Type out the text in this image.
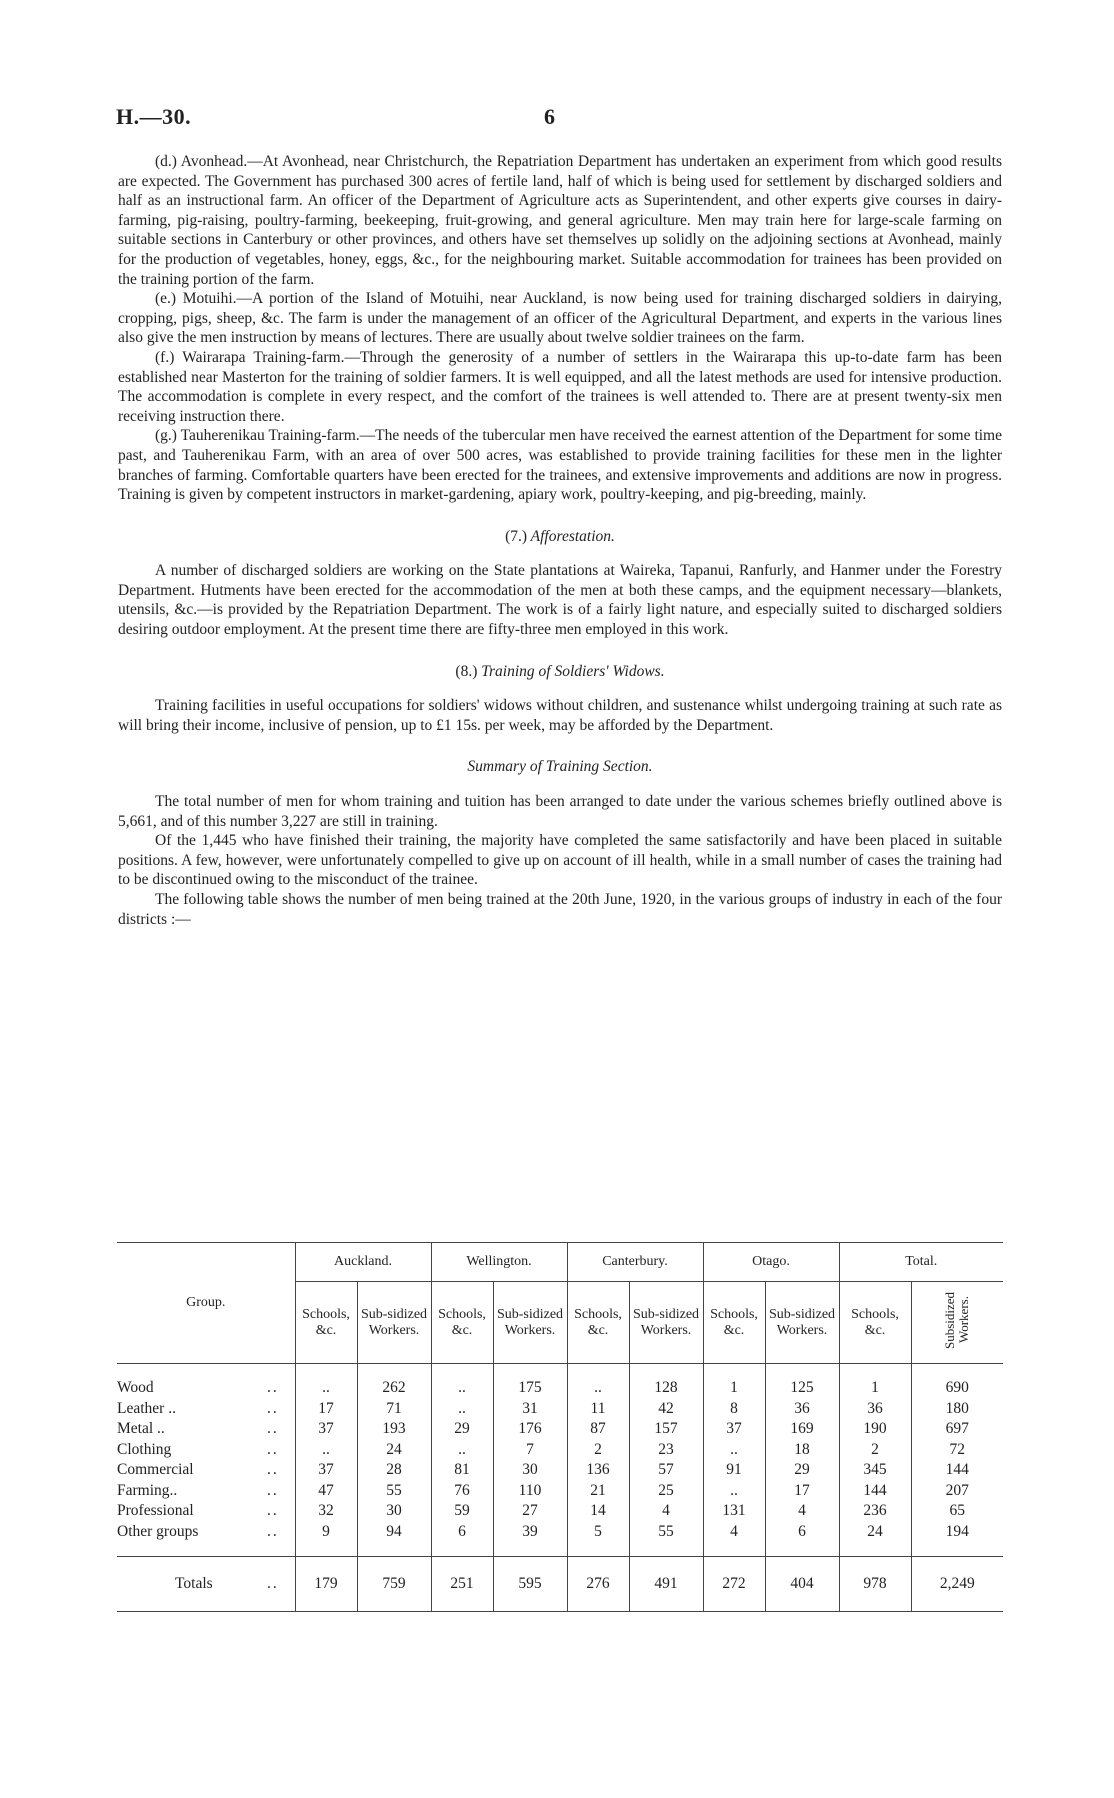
H.—30.	6

(d.) Avonhead.—At Avonhead, near Christchurch, the Repatriation Department has undertaken an experiment from which good results are expected. The Government has purchased 300 acres of fertile land, half of which is being used for settlement by discharged soldiers and half as an instructional farm. An officer of the Department of Agriculture acts as Superintendent, and other experts give courses in dairy-farming, pig-raising, poultry-farming, beekeeping, fruit-growing, and general agriculture. Men may train here for large-scale farming on suitable sections in Canterbury or other provinces, and others have set themselves up solidly on the adjoining sections at Avonhead, mainly for the production of vegetables, honey, eggs, &c., for the neighbouring market. Suitable accommodation for trainees has been provided on the training portion of the farm.

(e.) Motuihi.—A portion of the Island of Motuihi, near Auckland, is now being used for training discharged soldiers in dairying, cropping, pigs, sheep, &c. The farm is under the management of an officer of the Agricultural Department, and experts in the various lines also give the men instruction by means of lectures. There are usually about twelve soldier trainees on the farm.

(f.) Wairarapa Training-farm.—Through the generosity of a number of settlers in the Wairarapa this up-to-date farm has been established near Masterton for the training of soldier farmers. It is well equipped, and all the latest methods are used for intensive production. The accommodation is complete in every respect, and the comfort of the trainees is well attended to. There are at present twenty-six men receiving instruction there.

(g.) Tauherenikau Training-farm.—The needs of the tubercular men have received the earnest attention of the Department for some time past, and Tauherenikau Farm, with an area of over 500 acres, was established to provide training facilities for these men in the lighter branches of farming. Comfortable quarters have been erected for the trainees, and extensive improvements and additions are now in progress. Training is given by competent instructors in market-gardening, apiary work, poultry-keeping, and pig-breeding, mainly.

(7.) Afforestation.

A number of discharged soldiers are working on the State plantations at Waireka, Tapanui, Ranfurly, and Hanmer under the Forestry Department. Hutments have been erected for the accommodation of the men at both these camps, and the equipment necessary—blankets, utensils, &c.—is provided by the Repatriation Department. The work is of a fairly light nature, and especially suited to discharged soldiers desiring outdoor employment. At the present time there are fifty-three men employed in this work.

(8.) Training of Soldiers' Widows.

Training facilities in useful occupations for soldiers' widows without children, and sustenance whilst undergoing training at such rate as will bring their income, inclusive of pension, up to £1 15s. per week, may be afforded by the Department.

Summary of Training Section.

The total number of men for whom training and tuition has been arranged to date under the various schemes briefly outlined above is 5,661, and of this number 3,227 are still in training.

Of the 1,445 who have finished their training, the majority have completed the same satisfactorily and have been placed in suitable positions. A few, however, were unfortunately compelled to give up on account of ill health, while in a small number of cases the training had to be discontinued owing to the misconduct of the trainee.

The following table shows the number of men being trained at the 20th June, 1920, in the various groups of industry in each of the four districts :—

Group.	Auckland.		Wellington.		Canterbury.		Otago.		Total.	
	Schools, &c.	Sub-sidized Workers.	Schools, &c.	Sub-sidized Workers.	Schools, &c.	Sub-sidized Workers.	Schools, &c.	Sub-sidized Workers.	Schools, &c.	Subsidized Workers.

Wood ..	..	262	..	175	..	128	1	125	1	690
Leather .. ..	17	71	..	31	11	42	8	36	36	180
Metal .. ..	37	193	29	176	87	157	37	169	190	697
Clothing ..	..	24	..	7	2	23	..	18	2	72
Commercial ..	37	28	81	30	136	57	91	29	345	144
Farming.. ..	47	55	76	110	21	25	..	17	144	207
Professional ..	32	30	59	27	14	4	131	4	236	65
Other groups ..	9	94	6	39	5	55	4	6	24	194

Totals ..	179	759	251	595	276	491	272	404	978	2,249
